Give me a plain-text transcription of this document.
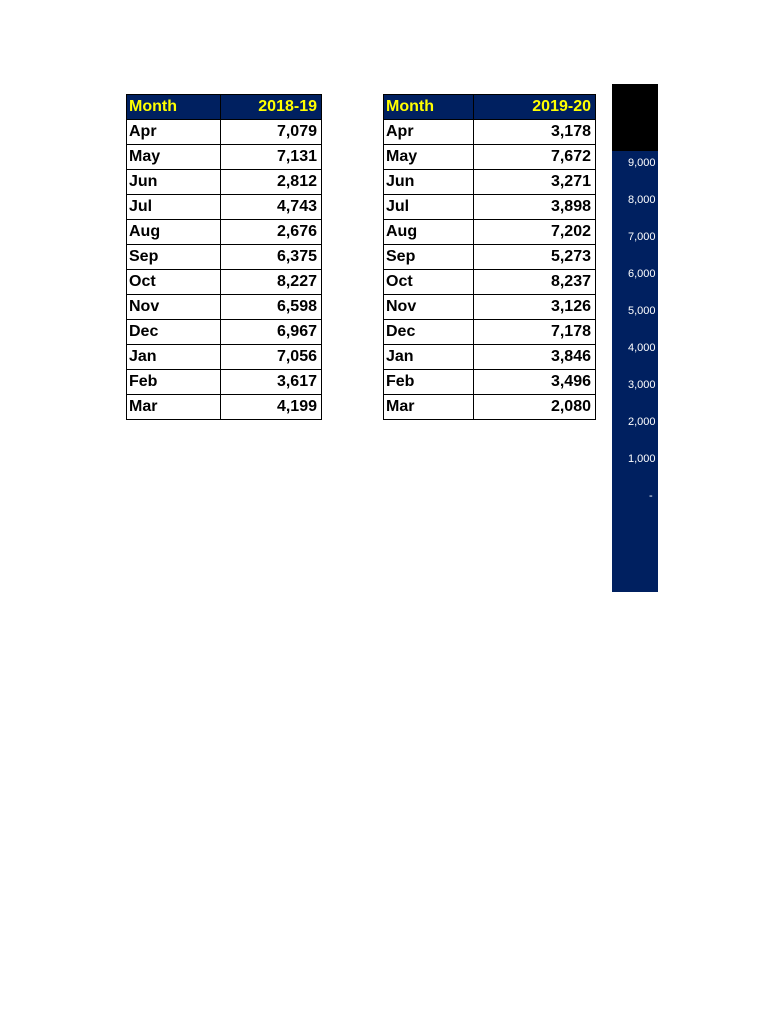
Month	2018-19
Apr	7,079
May	7,131
Jun	2,812
Jul	4,743
Aug	2,676
Sep	6,375
Oct	8,227
Nov	6,598
Dec	6,967
Jan	7,056
Feb	3,617
Mar	4,199
Month	2019-20
Apr	3,178
May	7,672
Jun	3,271
Jul	3,898
Aug	7,202
Sep	5,273
Oct	8,237
Nov	3,126
Dec	7,178
Jan	3,846
Feb	3,496
Mar	2,080
9,000
8,000
7,000
6,000
5,000
4,000
3,000
2,000
1,000
-
